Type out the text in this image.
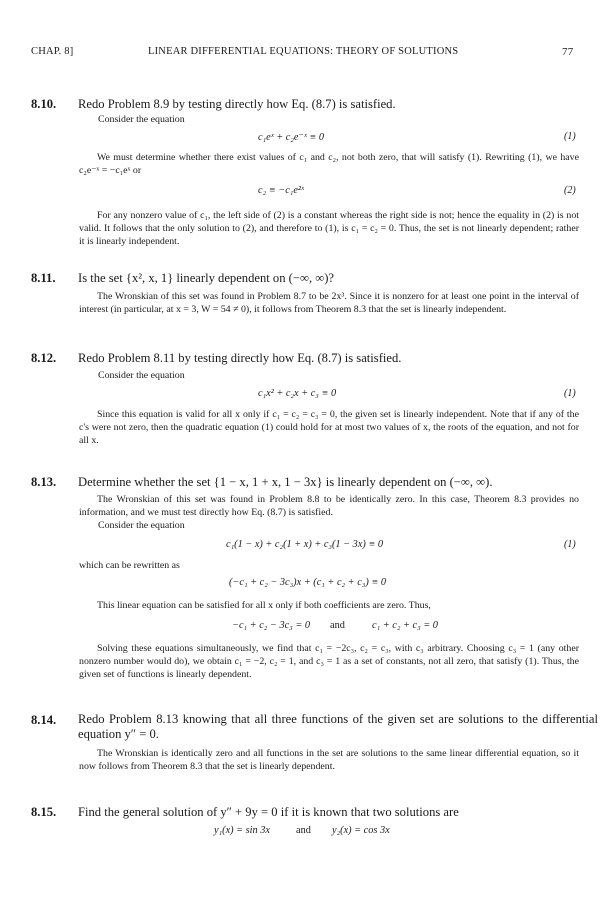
CHAP. 8]	LINEAR DIFFERENTIAL EQUATIONS: THEORY OF SOLUTIONS	77
8.10. Redo Problem 8.9 by testing directly how Eq. (8.7) is satisfied.
Consider the equation
c₁eˣ + c₂e⁻ˣ ≡ 0	(1)
We must determine whether there exist values of c₁ and c₂, not both zero, that will satisfy (1). Rewriting (1), we have c₂e⁻ˣ = −c₁eˣ or
c₂ ≡ −c₁e²ˣ	(2)
For any nonzero value of c₁, the left side of (2) is a constant whereas the right side is not; hence the equality in (2) is not valid. It follows that the only solution to (2), and therefore to (1), is c₁ = c₂ = 0. Thus, the set is not linearly dependent; rather it is linearly independent.
8.11. Is the set {x², x, 1} linearly dependent on (−∞, ∞)?
The Wronskian of this set was found in Problem 8.7 to be 2x³. Since it is nonzero for at least one point in the interval of interest (in particular, at x = 3, W = 54 ≠ 0), it follows from Theorem 8.3 that the set is linearly independent.
8.12. Redo Problem 8.11 by testing directly how Eq. (8.7) is satisfied.
Consider the equation
c₁x² + c₂x + c₃ ≡ 0	(1)
Since this equation is valid for all x only if c₁ = c₂ = c₃ = 0, the given set is linearly independent. Note that if any of the c's were not zero, then the quadratic equation (1) could hold for at most two values of x, the roots of the equation, and not for all x.
8.13. Determine whether the set {1 − x, 1 + x, 1 − 3x} is linearly dependent on (−∞, ∞).
The Wronskian of this set was found in Problem 8.8 to be identically zero. In this case, Theorem 8.3 provides no information, and we must test directly how Eq. (8.7) is satisfied.
Consider the equation
c₁(1 − x) + c₂(1 + x) + c₃(1 − 3x) ≡ 0	(1)
which can be rewritten as
(−c₁ + c₂ − 3c₃)x + (c₁ + c₂ + c₃) ≡ 0
This linear equation can be satisfied for all x only if both coefficients are zero. Thus,
−c₁ + c₂ − 3c₃ = 0 and	c₁ + c₂ + c₃ = 0
Solving these equations simultaneously, we find that c₁ = −2c₃, c₂ = c₃, with c₃ arbitrary. Choosing c₃ = 1 (any other nonzero number would do), we obtain c₁ = −2, c₂ = 1, and c₃ = 1 as a set of constants, not all zero, that satisfy (1). Thus, the given set of functions is linearly dependent.
8.14. Redo Problem 8.13 knowing that all three functions of the given set are solutions to the differential equation y″ = 0.
The Wronskian is identically zero and all functions in the set are solutions to the same linear differential equation, so it now follows from Theorem 8.3 that the set is linearly dependent.
8.15. Find the general solution of y″ + 9y = 0 if it is known that two solutions are
y₁(x) = sin 3x	and y₂(x) = cos 3x
